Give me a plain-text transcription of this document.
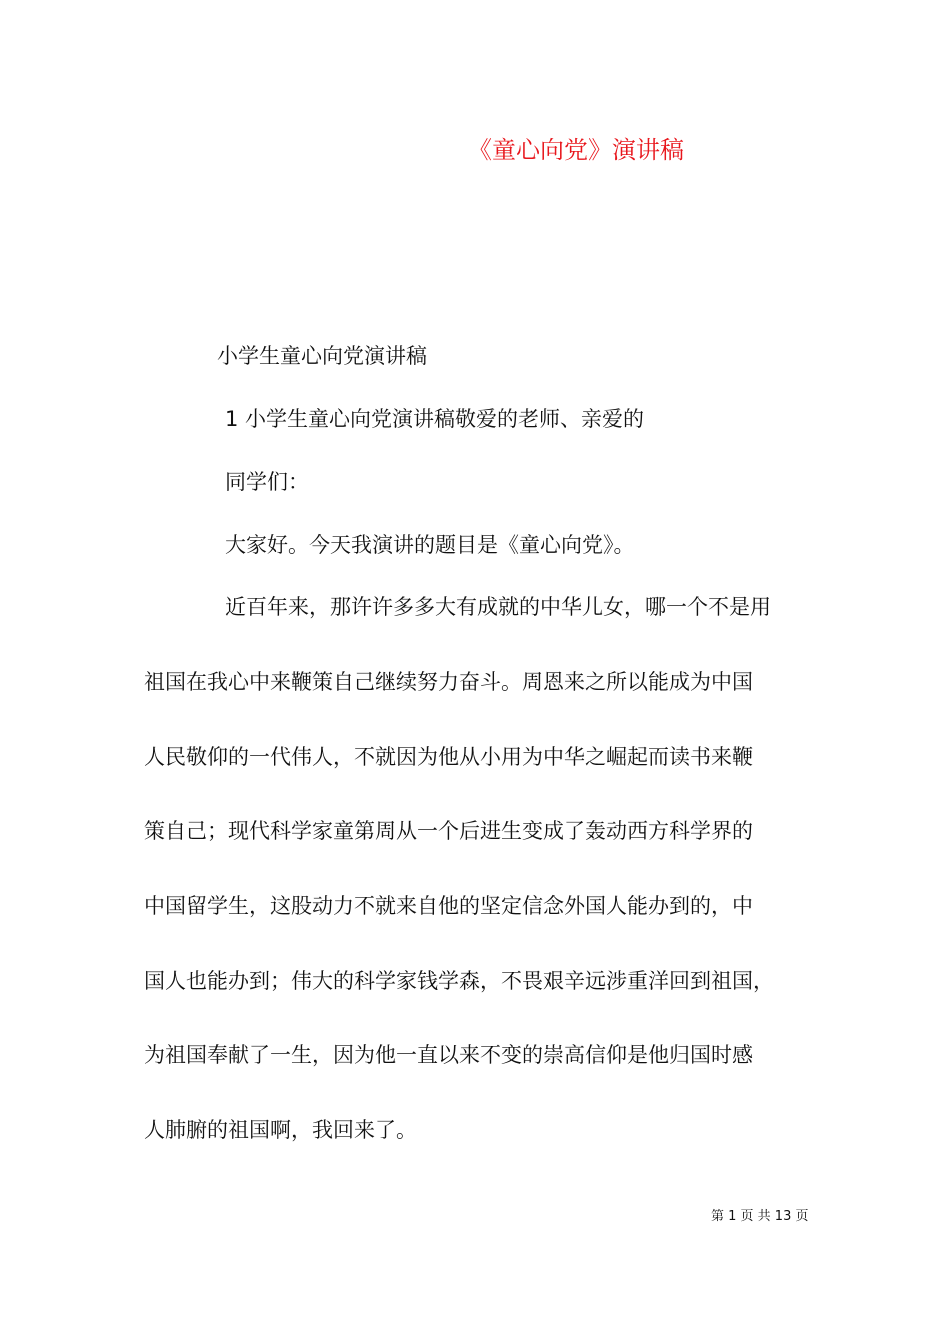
《童心向党》演讲稿
小学生童心向党演讲稿
1 小学生童心向党演讲稿敬爱的老师、亲爱的
同学们：
大家好。今天我演讲的题目是《童心向党》。
近百年来，那许许多多大有成就的中华儿女，哪一个不是用
祖国在我心中来鞭策自己继续努力奋斗。周恩来之所以能成为中国
人民敬仰的一代伟人，不就因为他从小用为中华之崛起而读书来鞭
策自己；现代科学家童第周从一个后进生变成了轰动西方科学界的
中国留学生，这股动力不就来自他的坚定信念外国人能办到的，中
国人也能办到；伟大的科学家钱学森，不畏艰辛远涉重洋回到祖国，
为祖国奉献了一生，因为他一直以来不变的崇高信仰是他归国时感
人肺腑的祖国啊，我回来了。
第 1 页 共 13 页
